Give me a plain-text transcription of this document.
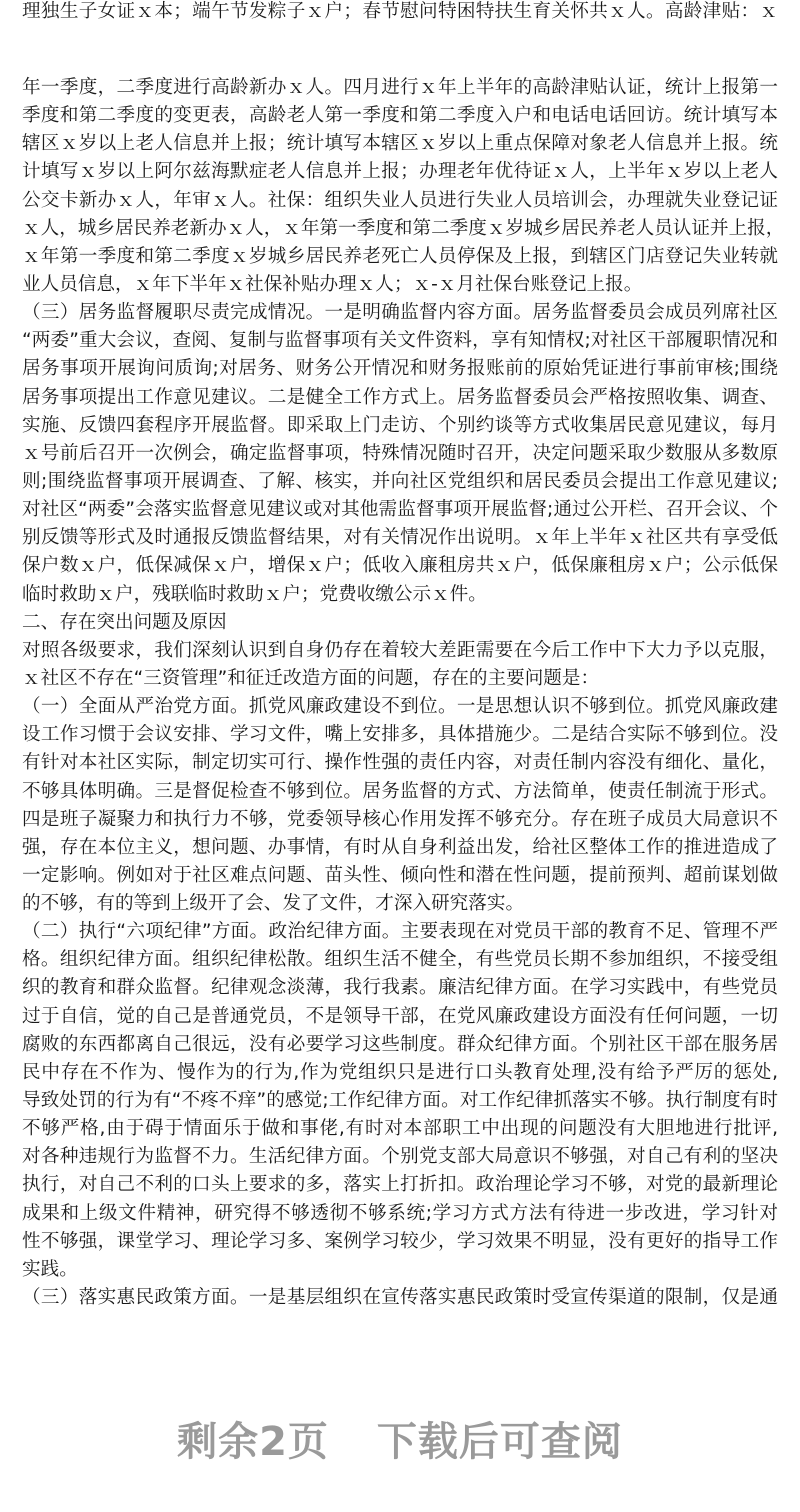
理独生子女证ｘ本；端午节发粽子ｘ户；春节慰问特困特扶生育关怀共ｘ人。高龄津贴：ｘ
年一季度，二季度进行高龄新办ｘ人。四月进行ｘ年上半年的高龄津贴认证，统计上报第一
季度和第二季度的变更表，高龄老人第一季度和第二季度入户和电话电话回访。统计填写本
辖区ｘ岁以上老人信息并上报；统计填写本辖区ｘ岁以上重点保障对象老人信息并上报。统
计填写ｘ岁以上阿尔兹海默症老人信息并上报；办理老年优待证ｘ人，上半年ｘ岁以上老人
公交卡新办ｘ人，年审ｘ人。社保：组织失业人员进行失业人员培训会，办理就失业登记证
ｘ人，城乡居民养老新办ｘ人，ｘ年第一季度和第二季度ｘ岁城乡居民养老人员认证并上报，
ｘ年第一季度和第二季度ｘ岁城乡居民养老死亡人员停保及上报，到辖区门店登记失业转就
业人员信息，ｘ年下半年ｘ社保补贴办理ｘ人；ｘ-ｘ月社保台账登记上报。
（三）居务监督履职尽责完成情况。一是明确监督内容方面。居务监督委员会成员列席社区
“两委”重大会议，查阅、复制与监督事项有关文件资料，享有知情权;对社区干部履职情况和
居务事项开展询问质询;对居务、财务公开情况和财务报账前的原始凭证进行事前审核;围绕
居务事项提出工作意见建议。二是健全工作方式上。居务监督委员会严格按照收集、调查、
实施、反馈四套程序开展监督。即采取上门走访、个别约谈等方式收集居民意见建议，每月
ｘ号前后召开一次例会，确定监督事项，特殊情况随时召开，决定问题采取少数服从多数原
则;围绕监督事项开展调查、了解、核实，并向社区党组织和居民委员会提出工作意见建议;
对社区“两委”会落实监督意见建议或对其他需监督事项开展监督;通过公开栏、召开会议、个
别反馈等形式及时通报反馈监督结果，对有关情况作出说明。ｘ年上半年ｘ社区共有享受低
保户数ｘ户，低保减保ｘ户，增保ｘ户；低收入廉租房共ｘ户，低保廉租房ｘ户；公示低保
临时救助ｘ户，残联临时救助ｘ户；党费收缴公示ｘ件。
二、存在突出问题及原因
对照各级要求，我们深刻认识到自身仍存在着较大差距需要在今后工作中下大力予以克服，
ｘ社区不存在“三资管理”和征迁改造方面的问题，存在的主要问题是：
（一）全面从严治党方面。抓党风廉政建设不到位。一是思想认识不够到位。抓党风廉政建
设工作习惯于会议安排、学习文件，嘴上安排多，具体措施少。二是结合实际不够到位。没
有针对本社区实际，制定切实可行、操作性强的责任内容，对责任制内容没有细化、量化，
不够具体明确。三是督促检查不够到位。居务监督的方式、方法简单，使责任制流于形式。
四是班子凝聚力和执行力不够，党委领导核心作用发挥不够充分。存在班子成员大局意识不
强，存在本位主义，想问题、办事情，有时从自身利益出发，给社区整体工作的推进造成了
一定影响。例如对于社区难点问题、苗头性、倾向性和潜在性问题，提前预判、超前谋划做
的不够，有的等到上级开了会、发了文件，才深入研究落实。
（二）执行“六项纪律”方面。政治纪律方面。主要表现在对党员干部的教育不足、管理不严
格。组织纪律方面。组织纪律松散。组织生活不健全，有些党员长期不参加组织，不接受组
织的教育和群众监督。纪律观念淡薄，我行我素。廉洁纪律方面。在学习实践中，有些党员
过于自信，觉的自己是普通党员，不是领导干部，在党风廉政建设方面没有任何问题，一切
腐败的东西都离自己很远，没有必要学习这些制度。群众纪律方面。个别社区干部在服务居
民中存在不作为、慢作为的行为,作为党组织只是进行口头教育处理,没有给予严厉的惩处,
导致处罚的行为有“不疼不痒”的感觉;工作纪律方面。对工作纪律抓落实不够。执行制度有时
不够严格,由于碍于情面乐于做和事佬,有时对本部职工中出现的问题没有大胆地进行批评,
对各种违规行为监督不力。生活纪律方面。个别党支部大局意识不够强，对自己有利的坚决
执行，对自己不利的口头上要求的多，落实上打折扣。政治理论学习不够，对党的最新理论
成果和上级文件精神，研究得不够透彻不够系统;学习方式方法有待进一步改进，学习针对
性不够强，课堂学习、理论学习多、案例学习较少，学习效果不明显，没有更好的指导工作
实践。
（三）落实惠民政策方面。一是基层组织在宣传落实惠民政策时受宣传渠道的限制，仅是通
剩余2页 下载后可查阅
